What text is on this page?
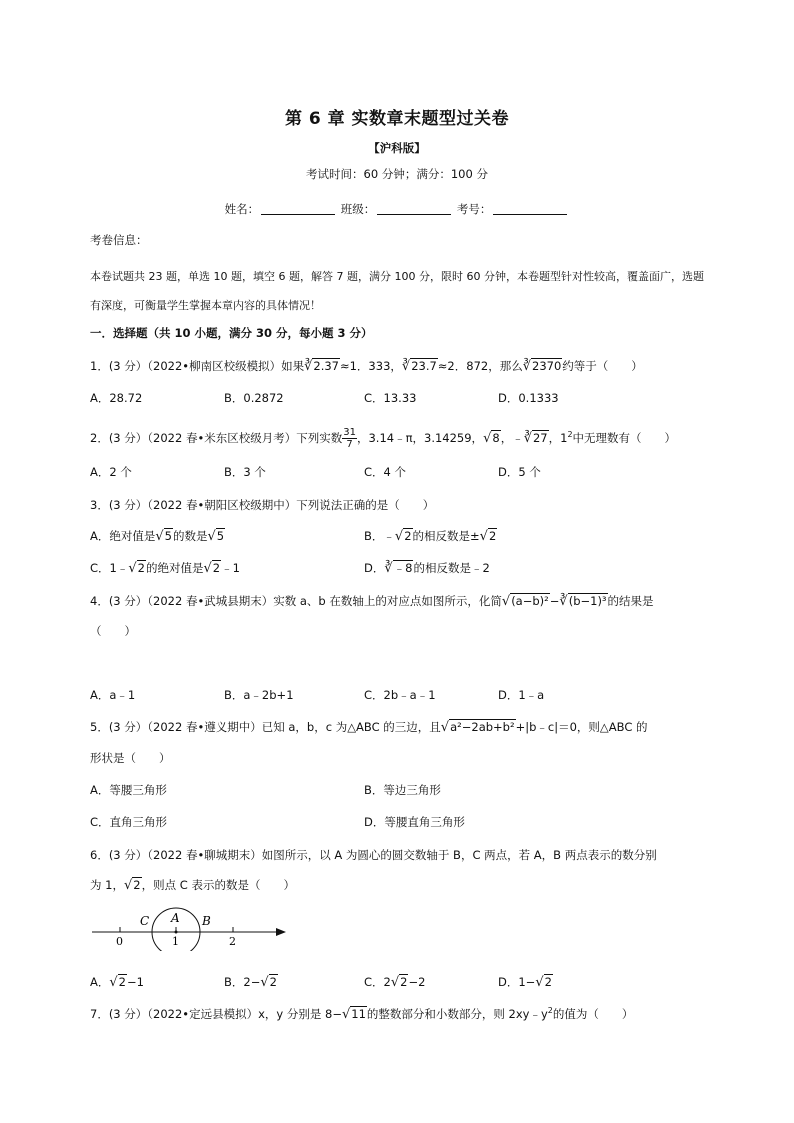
第 6 章 实数章末题型过关卷
【沪科版】
考试时间：60 分钟；满分：100 分
姓名：	班级：	考号：
考卷信息：
本卷试题共 23 题，单选 10 题，填空 6 题，解答 7 题，满分 100 分，限时 60 分钟，本卷题型针对性较高，覆盖面广，选题有深度，可衡量学生掌握本章内容的具体情况！
一．选择题（共 10 小题，满分 30 分，每小题 3 分）
1．(3 分）（2022•柳南区校级模拟）如果∛2.37≈1．333，∛23.7≈2．872，那么∛2370约等于（　　）
A．28.72	B．0.2872	C．13.33	D．0.1333
2．(3 分）（2022 春•米东区校级月考）下列实数 $\frac{31}{7}$ ，3.14﹣π，3.14259，√8，﹣∛27，$1^2$中无理数有（　　）
A．2 个	B．3 个	C．4 个	D．5 个
3．(3 分）（2022 春•朝阳区校级期中）下列说法正确的是（　　）
A．绝对值是√5的数是√5	B．﹣√2的相反数是±√2
C．1﹣√2的绝对值是√2﹣1	D．∛﹣8的相反数是﹣2
4．(3 分）（2022 春•武城县期末）实数 a、b 在数轴上的对应点如图所示，化简√(a−b)²−∛(b−1)³的结果是
（　　）
A．a﹣1	B．a﹣2b+1	C．2b﹣a﹣1	D．1﹣a
5．(3 分）（2022 春•遵义期中）已知 a，b，c 为△ABC 的三边，且√a²−2ab+b²+|b﹣c|＝0，则△ABC 的
形状是（　　）
A．等腰三角形	B．等边三角形
C．直角三角形	D．等腰直角三角形
6．(3 分）（2022 春•聊城期末）如图所示，以 A 为圆心的圆交数轴于 B，C 两点，若 A，B 两点表示的数分别
为 1，√2，则点 C 表示的数是（　　）
C A B
0	1	2
A．√2−1	B．2−√2	C．2√2−2	D．1−√2
7．(3 分）（2022•定远县模拟）x，y 分别是 8−√11的整数部分和小数部分，则 $2xy﹣y^2$的值为（　　）
